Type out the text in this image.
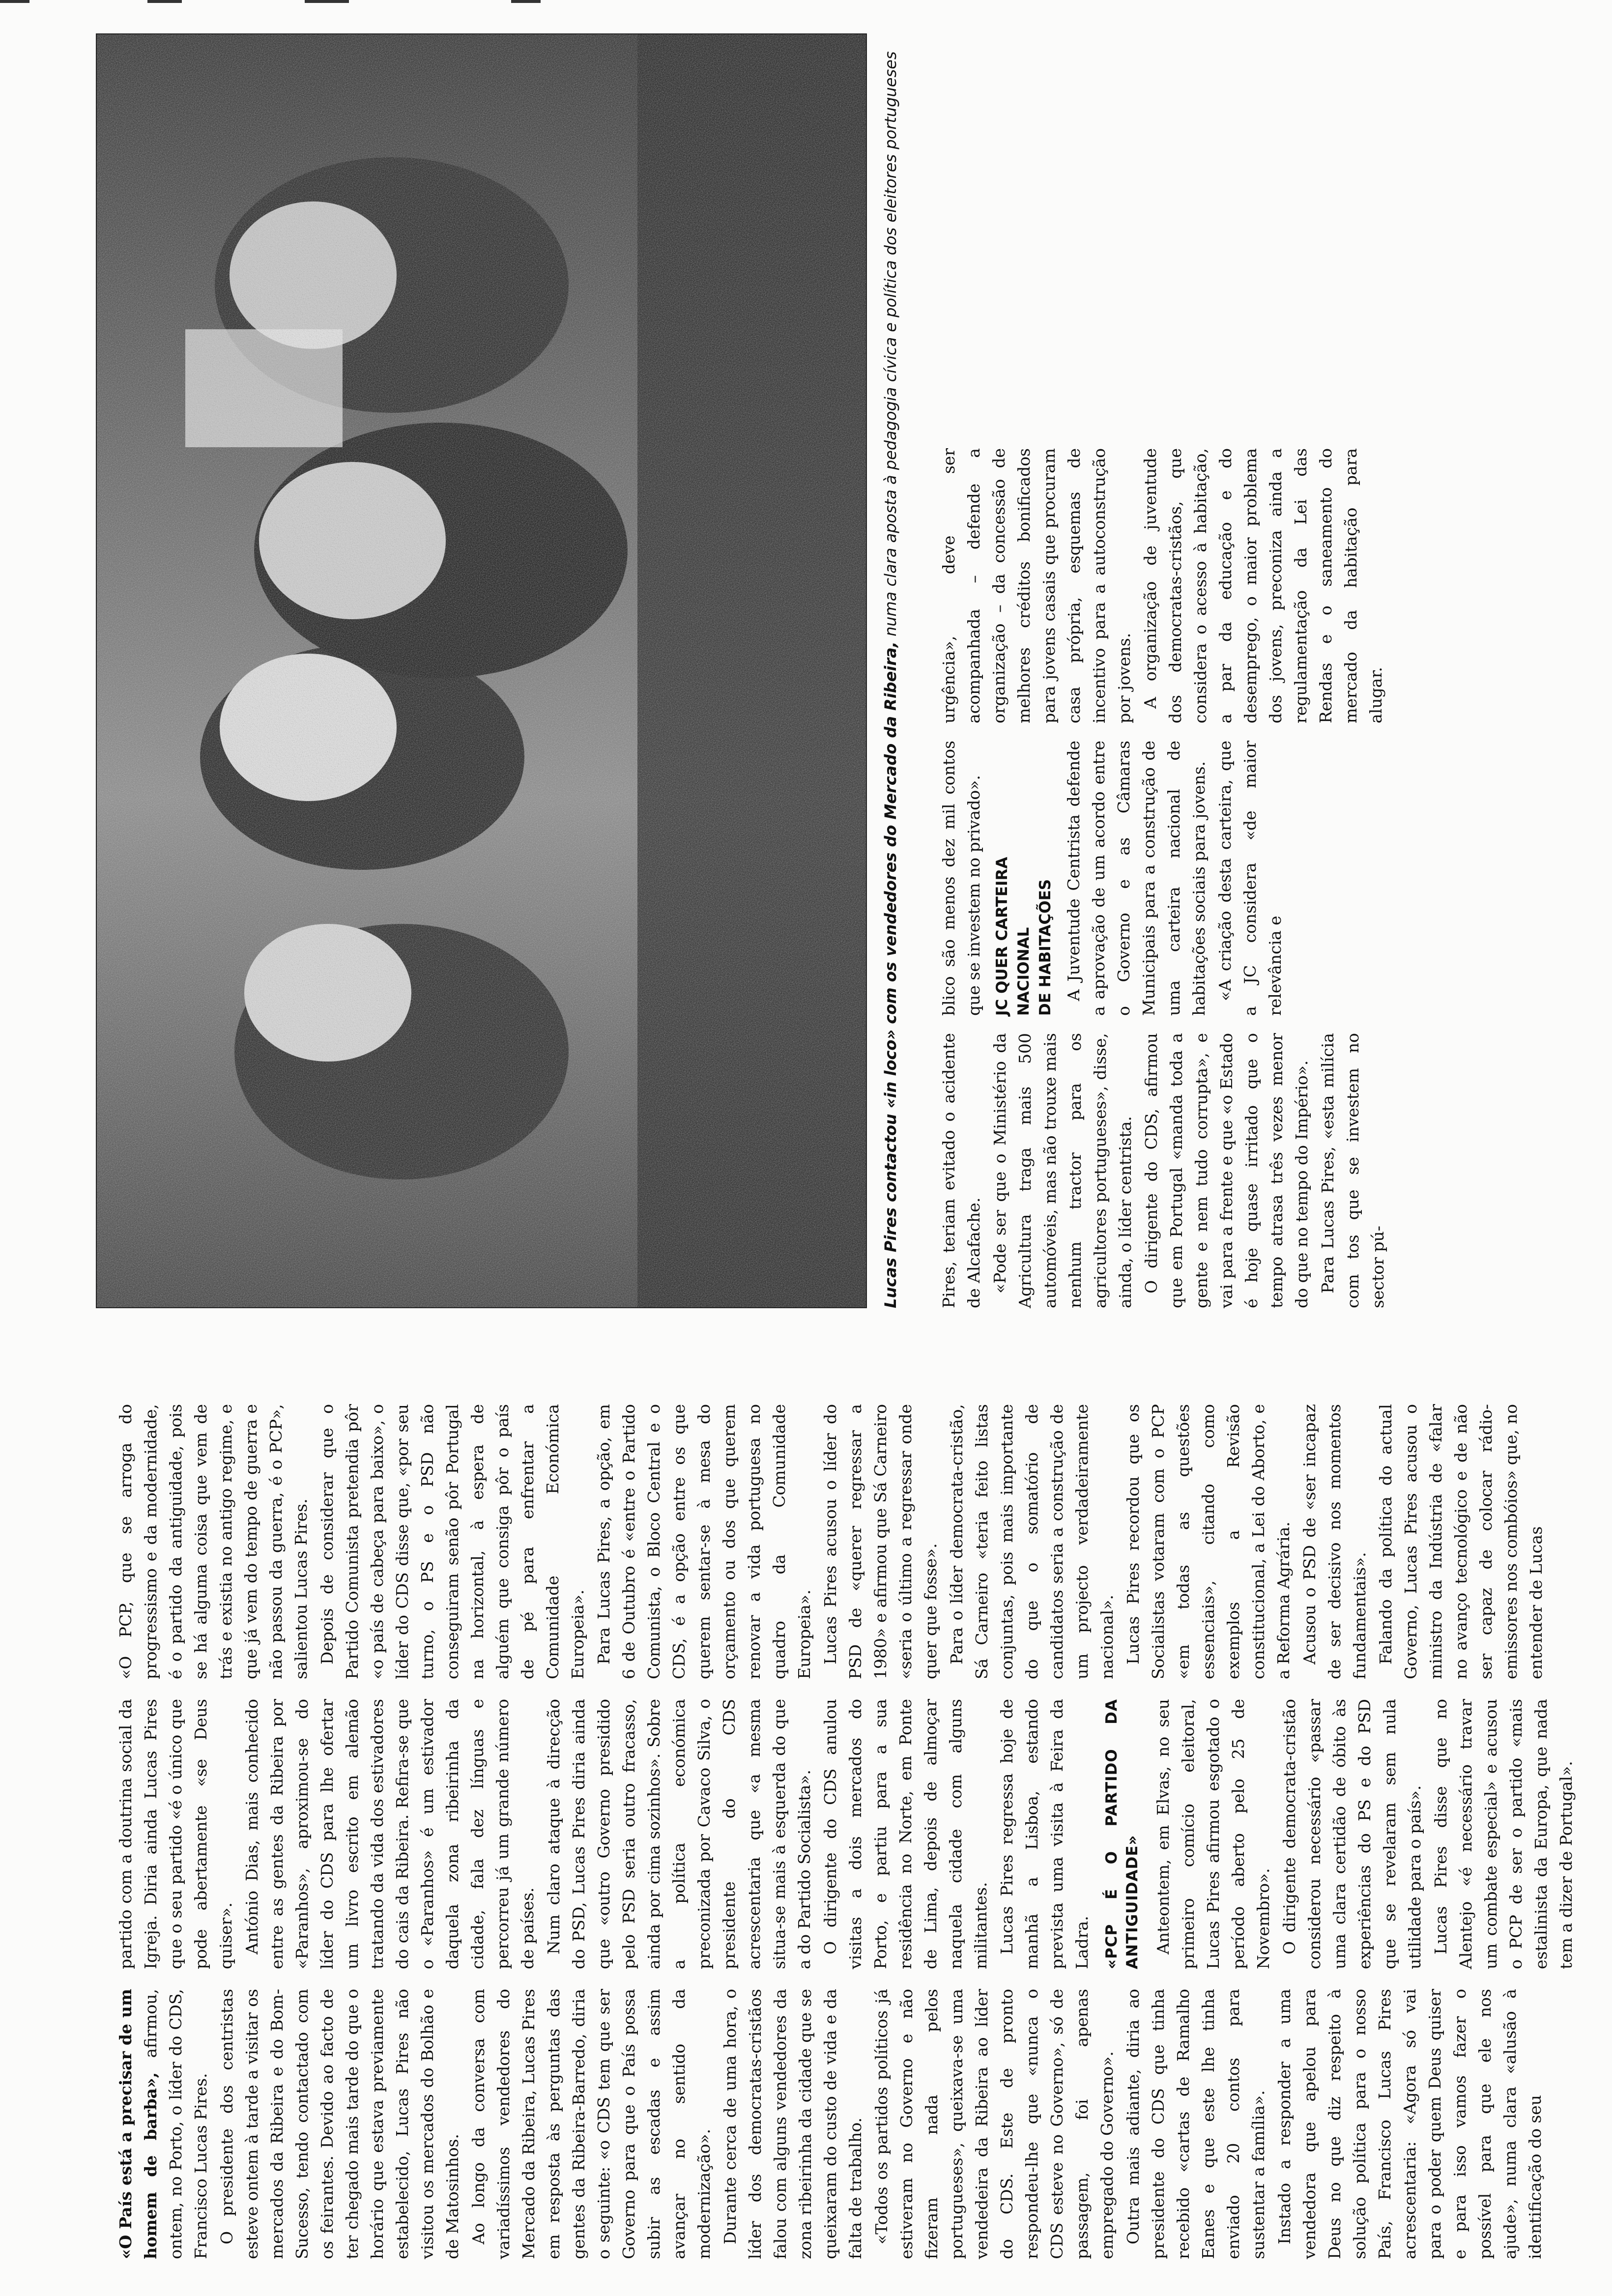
«O País está a precisar de um homem de barba», afirmou, ontem, no Porto, o líder do CDS, Francisco Lucas Pires. O presidente dos centristas esteve ontem à tarde a visitar os mercados da Ribeira e do Bom-Sucesso, tendo contactado com os feirantes. Devido ao facto de ter chegado mais tarde do que o horário que estava previamente estabelecido, Lucas Pires não visitou os mercados do Bolhão e de Matosinhos. Ao longo da conversa com variadíssimos vendedores do Mercado da Ribeira, Lucas Pires em resposta às perguntas das gentes da Ribeira-Barredo, diria o seguinte: «o CDS tem que ser Governo para que o País possa subir as escadas e assim avançar no sentido da modernização». Durante cerca de uma hora, o líder dos democratas-cristãos falou com alguns vendedores da zona ribeirinha da cidade que se queixaram do custo de vida e da falta de trabalho. «Todos os partidos políticos já estiveram no Governo e não fizeram nada pelos portugueses», queixava-se uma vendedeira da Ribeira ao líder do CDS. Este de pronto respondeu-lhe que «nunca o CDS esteve no Governo», só de passagem, foi apenas empregado do Governo». Outra mais adiante, diria ao presidente do CDS que tinha recebido «cartas de Ramalho Eanes e que este lhe tinha enviado 20 contos para sustentar a família». Instado a responder a uma vendedora que apelou para Deus no que diz respeito à solução política para o nosso País, Francisco Lucas Pires acrescentaria: «Agora só vai para o poder quem Deus quiser e para isso vamos fazer o possível para que ele nos ajude», numa clara «alusão à identificação do seu

partido com a doutrina social da Igreja. Diria ainda Lucas Pires que o seu partido «é o único que pode abertamente «se Deus quiser». António Dias, mais conhecido entre as gentes da Ribeira por «Paranhos», aproximou-se do líder do CDS para lhe ofertar um livro escrito em alemão tratando da vida dos estivadores do cais da Ribeira. Refira-se que o «Paranhos» é um estivador daquela zona ribeirinha da cidade, fala dez línguas e percorreu já um grande número de países. Num claro ataque à direcção do PSD, Lucas Pires diria ainda que «outro Governo presidido pelo PSD seria outro fracasso, ainda por cima sozinhos». Sobre a política económica preconizada por Cavaco Silva, o presidente do CDS acrescentaria que «a mesma situa-se mais à esquerda do que a do Partido Socialista». O dirigente do CDS anulou visitas a dois mercados do Porto, e partiu para a sua residência no Norte, em Ponte de Lima, depois de almoçar naquela cidade com alguns militantes. Lucas Pires regressa hoje de manhã a Lisboa, estando prevista uma visita à Feira da Ladra. «PCP É O PARTIDO DA ANTIGUIDADE» Anteontem, em Elvas, no seu primeiro comício eleitoral, Lucas Pires afirmou esgotado o período aberto pelo 25 de Novembro». O dirigente democrata-cristão considerou necessário «passar uma clara certidão de óbito às experiências do PS e do PSD que se revelaram sem nula utilidade para o país». Lucas Pires disse que no Alentejo «é necessário travar um combate especial» e acusou o PCP de ser o partido «mais estalinista da Europa, que nada tem a dizer de Portugal».

«O PCP, que se arroga do progressismo e da modernidade, é o partido da antiguidade, pois se há alguma coisa que vem de trás e existia no antigo regime, e que já vem do tempo de guerra e não passou da guerra, é o PCP», salientou Lucas Pires. Depois de considerar que o Partido Comunista pretendia pôr «o país de cabeça para baixo», o líder do CDS disse que, «por seu turno, o PS e o PSD não conseguiram senão pôr Portugal na horizontal, à espera de alguém que consiga pôr o país de pé para enfrentar a Comunidade Económica Europeia». Para Lucas Pires, a opção, em 6 de Outubro é «entre o Partido Comunista, o Bloco Central e o CDS, é a opção entre os que querem sentar-se à mesa do orçamento ou dos que querem renovar a vida portuguesa no quadro da Comunidade Europeia». Lucas Pires acusou o líder do PSD de «querer regressar a 1980» e afirmou que Sá Carneiro «seria o último a regressar onde quer que fosse». Para o líder democrata-cristão, Sá Carneiro «teria feito listas conjuntas, pois mais importante do que o somatório de candidatos seria a construção de um projecto verdadeiramente nacional». Lucas Pires recordou que os Socialistas votaram com o PCP «em todas as questões essenciais», citando como exemplos a Revisão constitucional, a Lei do Aborto, e a Reforma Agrária. Acusou o PSD de «ser incapaz de ser decisivo nos momentos fundamentais». Falando da política do actual Governo, Lucas Pires acusou o ministro da Indústria de «falar no avanço tecnológico e de não ser capaz de colocar rádio-emissores nos combóios» que, no entender de Lucas

Lucas Pires contactou «in loco» com os vendedores do Mercado da Ribeira, numa clara aposta à pedagogia cívica e política dos eleitores portugueses

Pires, teriam evitado o acidente de Alcafache. «Pode ser que o Ministério da Agricultura traga mais 500 automóveis, mas não trouxe mais nenhum tractor para os agricultores portugueses», disse, ainda, o líder centrista. O dirigente do CDS, afirmou que em Portugal «manda toda a gente e nem tudo corrupta», e vai para a frente e que «o Estado é hoje quase irritado que o tempo atrasa três vezes menor do que no tempo do Império». Para Lucas Pires, «esta milícia com tos que se investem no sector pú-

blico são menos dez mil contos que se investem no privado». JC QUER CARTEIRA NACIONAL DE HABITAÇÕES A Juventude Centrista defende a aprovação de um acordo entre o Governo e as Câmaras Municipais para a construção de uma carteira nacional de habitações sociais para jovens. «A criação desta carteira, que a JC considera «de maior relevância e

urgência», deve ser acompanhada – defende a organização – da concessão de melhores créditos bonificados para jovens casais que procuram casa própria, esquemas de incentivo para a autoconstrução por jovens. A organização de juventude dos democratas-cristãos, que considera o acesso à habitação, a par da educação e do desemprego, o maior problema dos jovens, preconiza ainda a regulamentação da Lei das Rendas e o saneamento do mercado da habitação para alugar.
